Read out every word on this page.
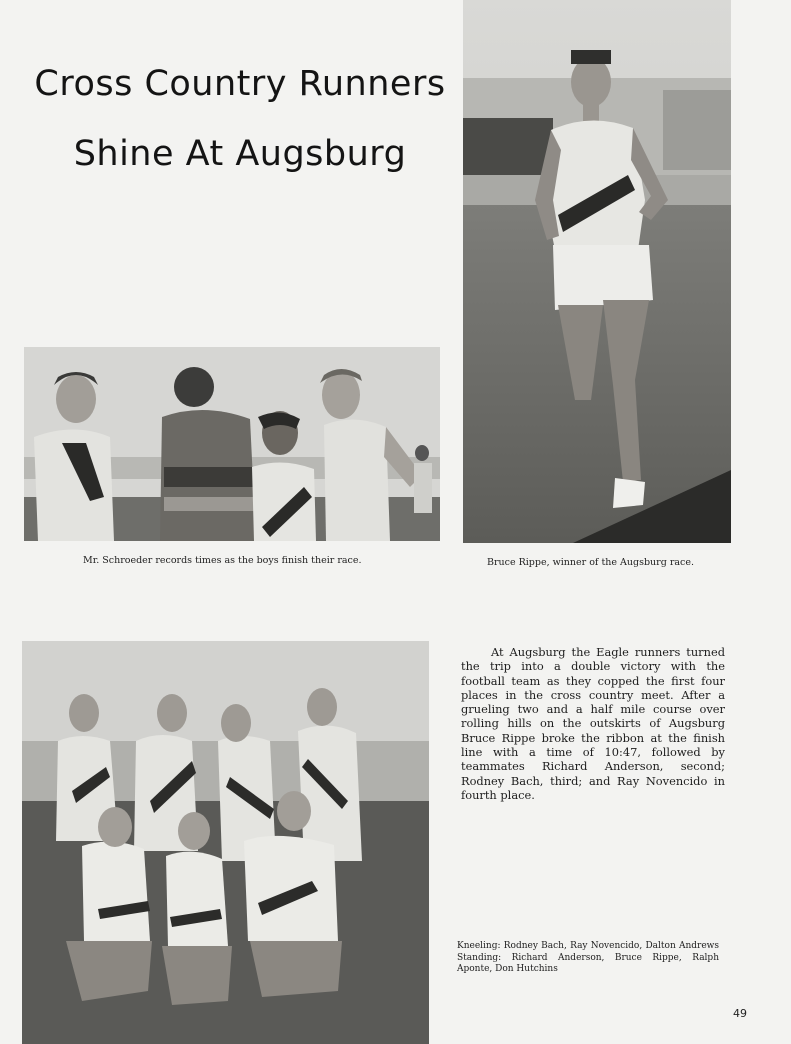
Cross Country Runners
Shine At Augsburg
Mr. Schroeder records times as the boys finish their race.	Bruce Rippe, winner of the Augsburg race.

At Augsburg the Eagle runners turned the trip into a double victory with the football team as they copped the first four places in the cross country meet. After a grueling two and a half mile course over rolling hills on the outskirts of Augsburg Bruce Rippe broke the ribbon at the finish line with a time of 10:47, followed by teammates Richard Anderson, second; Rodney Bach, third; and Ray Novencido in fourth place.

Kneeling: Rodney Bach, Ray Novencido, Dalton Andrews Standing: Richard Anderson, Bruce Rippe, Ralph Aponte, Don Hutchins

49
